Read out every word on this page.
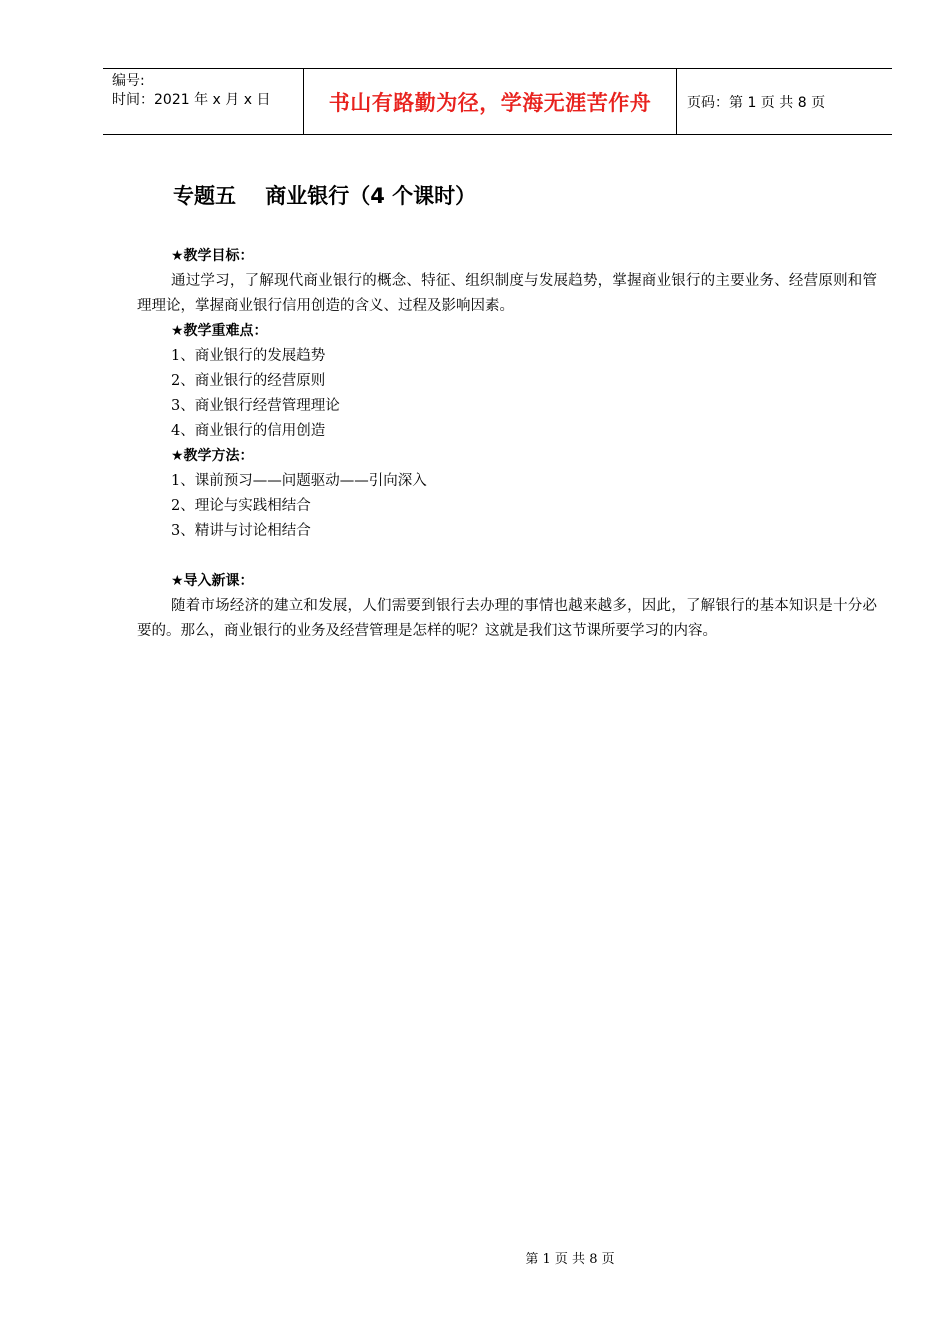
编号:
时间：2021 年 x 月 x 日	书山有路勤为径，学海无涯苦作舟	页码：第 1 页 共 8 页
专题五    商业银行（4 个课时）
★教学目标：
通过学习，了解现代商业银行的概念、特征、组织制度与发展趋势，掌握商业银行的主要业务、经营原则和管理理论，掌握商业银行信用创造的含义、过程及影响因素。
★教学重难点：
1、商业银行的发展趋势
2、商业银行的经营原则
3、商业银行经营管理理论
4、商业银行的信用创造
★教学方法：
1、课前预习——问题驱动——引向深入
2、理论与实践相结合
3、精讲与讨论相结合
★导入新课：
随着市场经济的建立和发展，人们需要到银行去办理的事情也越来越多，因此，了解银行的基本知识是十分必要的。那么，商业银行的业务及经营管理是怎样的呢？这就是我们这节课所要学习的内容。
第 1 页 共 8 页
